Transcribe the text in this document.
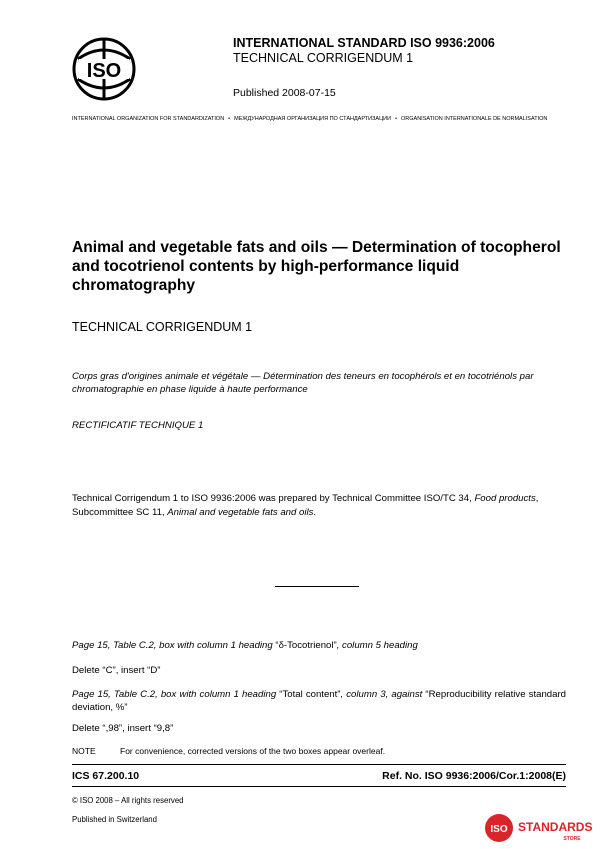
ISO
INTERNATIONAL STANDARD ISO 9936:2006
TECHNICAL CORRIGENDUM 1
Published 2008-07-15
INTERNATIONAL ORGANIZATION FOR STANDARDIZATION • МЕЖДУНАРОДНАЯ ОРГАНИЗАЦИЯ ПО СТАНДАРТИЗАЦИИ • ORGANISATION INTERNATIONALE DE NORMALISATION
Animal and vegetable fats and oils — Determination of tocopherol and tocotrienol contents by high-performance liquid chromatography
TECHNICAL CORRIGENDUM 1
Corps gras d'origines animale et végétale — Détermination des teneurs en tocophérols et en tocotriénols par chromatographie en phase liquide à haute performance
RECTIFICATIF TECHNIQUE 1
Technical Corrigendum 1 to ISO 9936:2006 was prepared by Technical Committee ISO/TC 34, Food products, Subcommittee SC 11, Animal and vegetable fats and oils.
Page 15, Table C.2, box with column 1 heading “δ-Tocotrienol”, column 5 heading
Delete “C”, insert “D”
Page 15, Table C.2, box with column 1 heading “Total content”, column 3, against “Reproducibility relative standard deviation, %”
Delete “,98”, insert “9,8”
NOTE	For convenience, corrected versions of the two boxes appear overleaf.
ICS 67.200.10	Ref. No. ISO 9936:2006/Cor.1:2008(E)
© ISO 2008 – All rights reserved
Published in Switzerland
ISO STANDARDS
STORE
